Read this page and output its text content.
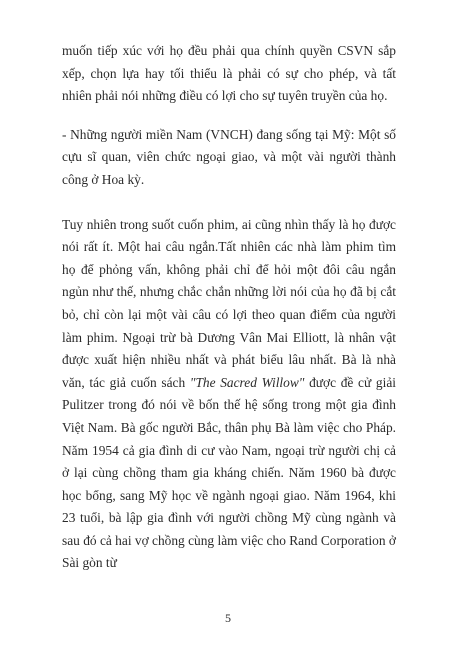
muốn tiếp xúc với họ đều phải qua chính quyền CSVN sắp xếp, chọn lựa hay tối thiểu là phải có sự cho phép, và tất nhiên phải nói những điều có lợi cho sự tuyên truyền của họ.

- Những người miền Nam (VNCH) đang sống tại Mỹ: Một số cựu sĩ quan, viên chức ngoại giao, và một vài người thành công ở Hoa kỳ.

Tuy nhiên trong suốt cuốn phim, ai cũng nhìn thấy là họ được nói rất ít. Một hai câu ngắn.Tất nhiên các nhà làm phim tìm họ để phỏng vấn, không phải chỉ để hỏi một đôi câu ngắn ngủn như thế, nhưng chắc chắn những lời nói của họ đã bị cắt bỏ, chỉ còn lại một vài câu có lợi theo quan điểm của người làm phim. Ngoại trừ bà Dương Vân Mai Elliott, là nhân vật được xuất hiện nhiều nhất và phát biểu lâu nhất. Bà là nhà văn, tác giả cuốn sách "The Sacred Willow" được đề cử giải Pulitzer trong đó nói về bốn thế hệ sống trong một gia đình Việt Nam. Bà gốc người Bắc, thân phụ Bà làm việc cho Pháp. Năm 1954 cả gia đình di cư vào Nam, ngoại trừ người chị cả ở lại cùng chồng tham gia kháng chiến. Năm 1960 bà được học bổng, sang Mỹ học về ngành ngoại giao. Năm 1964, khi 23 tuổi, bà lập gia đình với người chồng Mỹ cùng ngành và sau đó cả hai vợ chồng cùng làm việc cho Rand Corporation ở Sài gòn từ

5
